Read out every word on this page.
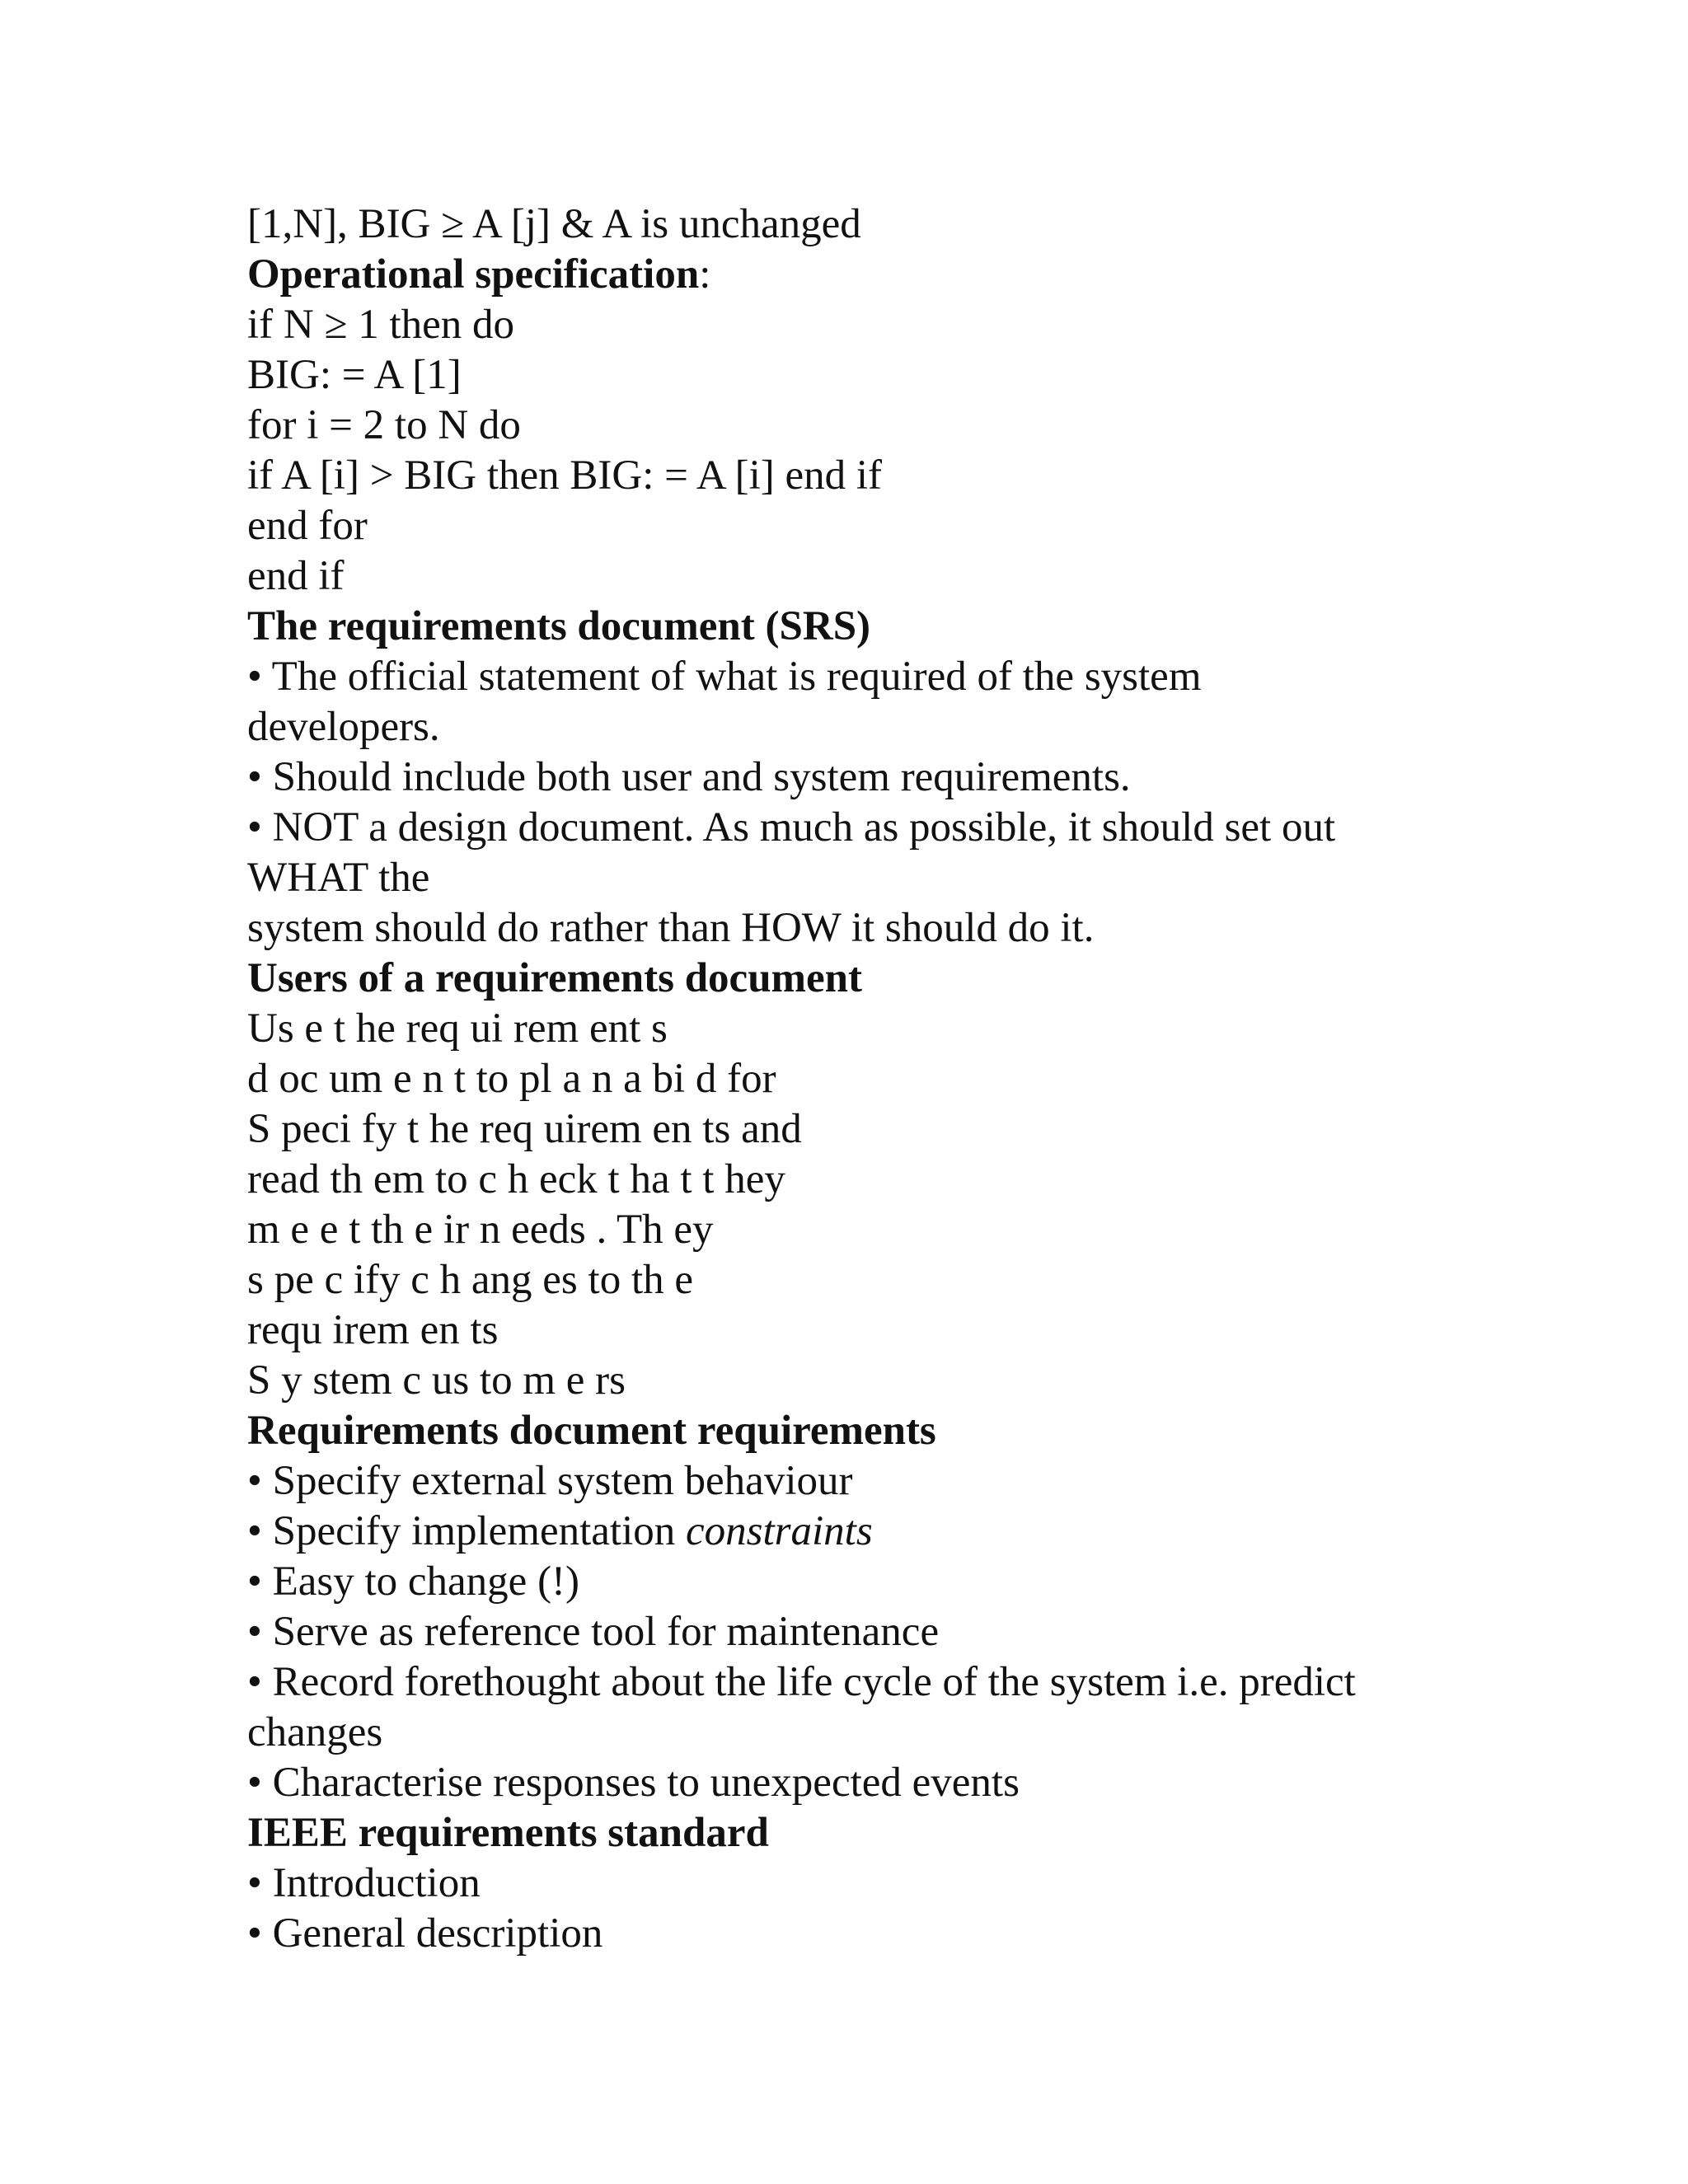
[1,N], BIG ≥ A [j] & A is unchanged
Operational specification:
if N ≥ 1 then do
BIG: = A [1]
for i = 2 to N do
if A [i] > BIG then BIG: = A [i] end if
end for
end if
The requirements document (SRS)
• The official statement of what is required of the system
developers.
• Should include both user and system requirements.
• NOT a design document. As much as possible, it should set out
WHAT the
system should do rather than HOW it should do it.
Users of a requirements document
Us e t he req ui rem ent s
d oc um e n t to pl a n a bi d for
S peci fy t he req uirem en ts and
read th em to c h eck t ha t t hey
m e e t th e ir n eeds . Th ey
s pe c ify c h ang es to th e
requ irem en ts
S y stem c us to m e rs
Requirements document requirements
• Specify external system behaviour
• Specify implementation constraints
• Easy to change (!)
• Serve as reference tool for maintenance
• Record forethought about the life cycle of the system i.e. predict
changes
• Characterise responses to unexpected events
IEEE requirements standard
• Introduction
• General description
